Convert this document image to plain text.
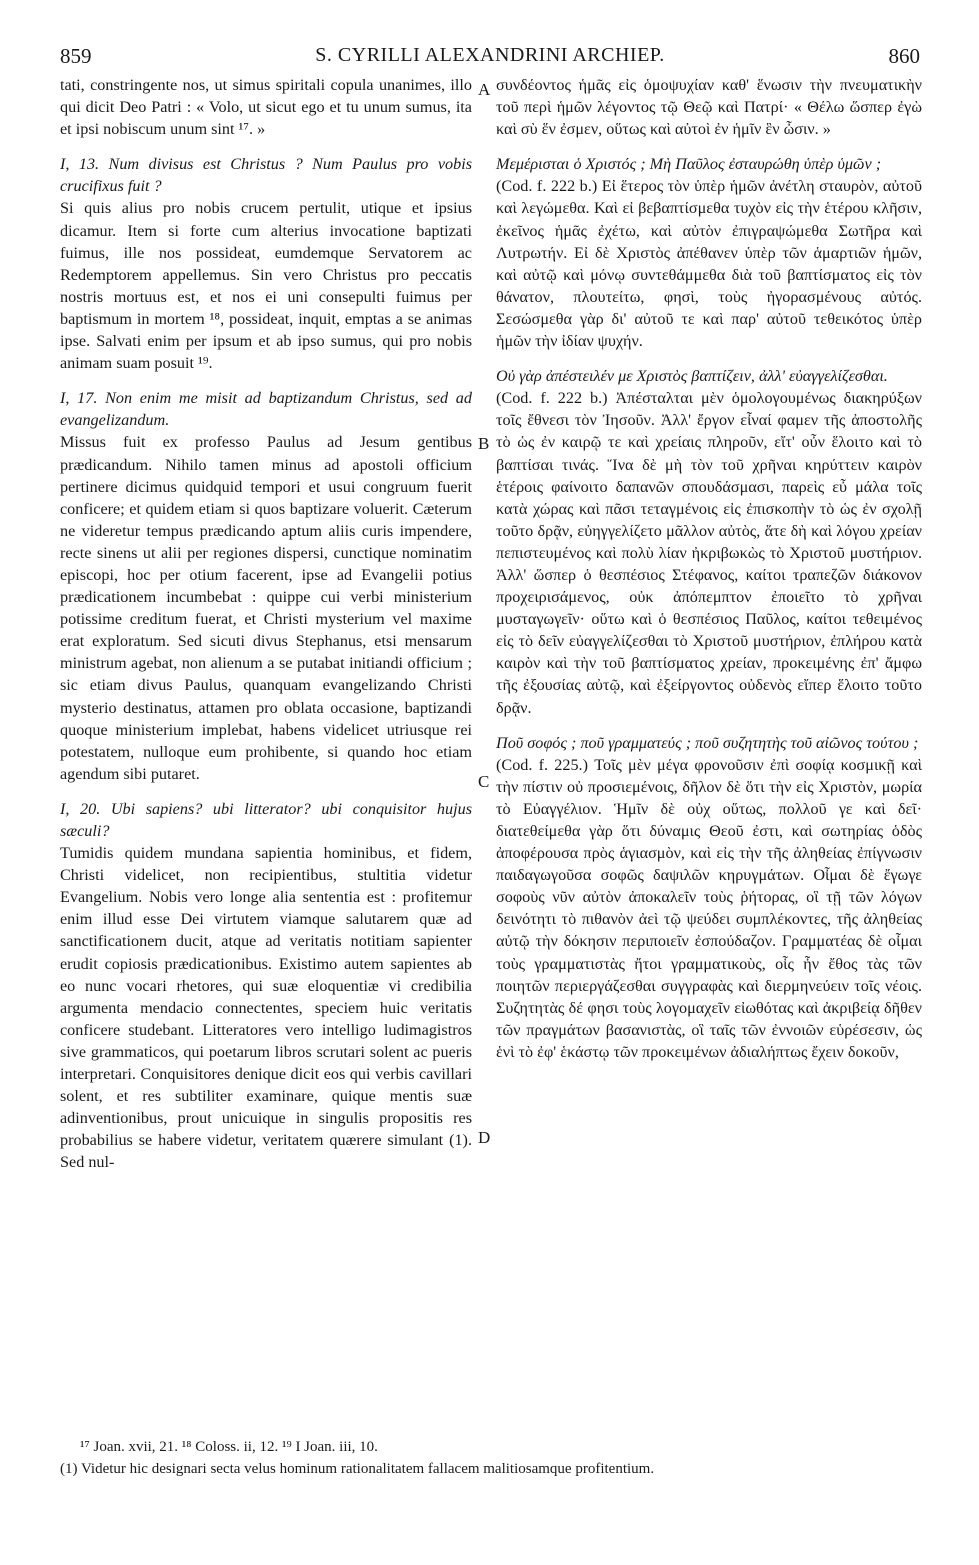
859	S. CYRILLI ALEXANDRINI ARCHIEP.	860
A
B
C
D

tati, constringente nos, ut simus spiritali copula unanimes, illo qui dicit Deo Patri : « Volo, ut sicut ego et tu unum sumus, ita et ipsi nobiscum unum sint ¹⁷. »

I, 13. Num divisus est Christus ? Num Paulus pro vobis crucifixus fuit ?

Si quis alius pro nobis crucem pertulit, utique et ipsius dicamur. Item si forte cum alterius invocatione baptizati fuimus, ille nos possideat, eumdemque Servatorem ac Redemptorem appellemus. Sin vero Christus pro peccatis nostris mortuus est, et nos ei uni consepulti fuimus per baptismum in mortem ¹⁸, possideat, inquit, emptas a se animas ipse. Salvati enim per ipsum et ab ipso sumus, qui pro nobis animam suam posuit ¹⁹.

I, 17. Non enim me misit ad baptizandum Christus, sed ad evangelizandum.

Missus fuit ex professo Paulus ad Jesum gentibus prædicandum. Nihilo tamen minus ad apostoli officium pertinere dicimus quidquid tempori et usui congruum fuerit conficere; et quidem etiam si quos baptizare voluerit. Cæterum ne videretur tempus prædicando aptum aliis curis impendere, recte sinens ut alii per regiones dispersi, cunctique nominatim episcopi, hoc per otium facerent, ipse ad Evangelii potius prædicationem incumbebat : quippe cui verbi ministerium potissime creditum fuerat, et Christi mysterium vel maxime erat exploratum. Sed sicuti divus Stephanus, etsi mensarum ministrum agebat, non alienum a se putabat initiandi officium ; sic etiam divus Paulus, quanquam evangelizando Christi mysterio destinatus, attamen pro oblata occasione, baptizandi quoque ministerium implebat, habens videlicet utriusque rei potestatem, nulloque eum prohibente, si quando hoc etiam agendum sibi putaret.

I, 20. Ubi sapiens? ubi litterator? ubi conquisitor hujus sæculi?

Tumidis quidem mundana sapientia hominibus, et fidem, Christi videlicet, non recipientibus, stultitia videtur Evangelium. Nobis vero longe alia sententia est : profitemur enim illud esse Dei virtutem viamque salutarem quæ ad sanctificationem ducit, atque ad veritatis notitiam sapienter erudit copiosis prædicationibus. Existimo autem sapientes ab eo nunc vocari rhetores, qui suæ eloquentiæ vi credibilia argumenta mendacio connectentes, speciem huic veritatis conficere studebant. Litteratores vero intelligo ludimagistros sive grammaticos, qui poetarum libros scrutari solent ac pueris interpretari. Conquisitores denique dicit eos qui verbis cavillari solent, et res subtiliter examinare, quique mentis suæ adinventionibus, prout unicuique in singulis propositis res probabilius se habere videtur, veritatem quærere simulant (1). Sed nul-

συνδέοντος ἡμᾶς εἰς ὁμοψυχίαν καθ' ἕνωσιν τὴν πνευματικὴν τοῦ περὶ ἡμῶν λέγοντος τῷ Θεῷ καὶ Πατρί· « Θέλω ὥσπερ ἐγὼ καὶ σὺ ἕν ἐσμεν, οὕτως καὶ αὐτοὶ ἐν ἡμῖν ἓν ὦσιν. »

Μεμέρισται ὁ Χριστός ; Μὴ Παῦλος ἐσταυρώθη ὑπὲρ ὑμῶν ;

(Cod. f. 222 b.) Εἰ ἕτερος τὸν ὑπὲρ ἡμῶν ἀνέτλη σταυρὸν, αὐτοῦ καὶ λεγώμεθα. Καὶ εἰ βεβαπτίσμεθα τυχὸν εἰς τὴν ἑτέρου κλῆσιν, ἐκεῖνος ἡμᾶς ἐχέτω, καὶ αὐτὸν ἐπιγραψώμεθα Σωτῆρα καὶ Λυτρωτήν. Εἰ δὲ Χριστὸς ἀπέθανεν ὑπὲρ τῶν ἁμαρτιῶν ἡμῶν, καὶ αὐτῷ καὶ μόνῳ συντεθάμμεθα διὰ τοῦ βαπτίσματος εἰς τὸν θάνατον, πλουτείτω, φησὶ, τοὺς ἠγορασμένους αὐτός. Σεσώσμεθα γὰρ δι' αὐτοῦ τε καὶ παρ' αὐτοῦ τεθεικότος ὑπὲρ ἡμῶν τὴν ἰδίαν ψυχήν.

Οὐ γὰρ ἀπέστειλέν με Χριστὸς βαπτίζειν, ἀλλ' εὐαγγελίζεσθαι.

(Cod. f. 222 b.) Ἀπέσταλται μὲν ὁμολογουμένως διακηρύξων τοῖς ἔθνεσι τὸν Ἰησοῦν. Ἀλλ' ἔργον εἶναί φαμεν τῆς ἀποστολῆς τὸ ὡς ἐν καιρῷ τε καὶ χρείαις πληροῦν, εἴτ' οὖν ἕλοιτο καὶ τὸ βαπτίσαι τινάς. Ἵνα δὲ μὴ τὸν τοῦ χρῆναι κηρύττειν καιρὸν ἑτέροις φαίνοιτο δαπανῶν σπουδάσμασι, παρεὶς εὖ μάλα τοῖς κατὰ χώρας καὶ πᾶσι τεταγμένοις εἰς ἐπισκοπὴν τὸ ὡς ἐν σχολῇ τοῦτο δρᾷν, εὐηγγελίζετο μᾶλλον αὐτὸς, ἅτε δὴ καὶ λόγου χρείαν πεπιστευμένος καὶ πολὺ λίαν ἠκριβωκὼς τὸ Χριστοῦ μυστήριον. Ἀλλ' ὥσπερ ὁ θεσπέσιος Στέφανος, καίτοι τραπεζῶν διάκονον προχειρισάμενος, οὐκ ἀπόπεμπτον ἐποιεῖτο τὸ χρῆναι μυσταγωγεῖν· οὕτω καὶ ὁ θεσπέσιος Παῦλος, καίτοι τεθειμένος εἰς τὸ δεῖν εὐαγγελίζεσθαι τὸ Χριστοῦ μυστήριον, ἐπλήρου κατὰ καιρὸν καὶ τὴν τοῦ βαπτίσματος χρείαν, προκειμένης ἐπ' ἄμφω τῆς ἐξουσίας αὐτῷ, καὶ ἐξείργοντος οὐδενὸς εἴπερ ἕλοιτο τοῦτο δρᾷν.

Ποῦ σοφός ; ποῦ γραμματεύς ; ποῦ συζητητὴς τοῦ αἰῶνος τούτου ;

(Cod. f. 225.) Τοῖς μὲν μέγα φρονοῦσιν ἐπὶ σοφίᾳ κοσμικῇ καὶ τὴν πίστιν οὐ προσιεμένοις, δῆλον δὲ ὅτι τὴν εἰς Χριστὸν, μωρία τὸ Εὐαγγέλιον. Ἡμῖν δὲ οὐχ οὕτως, πολλοῦ γε καὶ δεῖ· διατεθείμεθα γὰρ ὅτι δύναμις Θεοῦ ἐστι, καὶ σωτηρίας ὁδὸς ἀποφέρουσα πρὸς ἁγιασμὸν, καὶ εἰς τὴν τῆς ἀληθείας ἐπίγνωσιν παιδαγωγοῦσα σοφῶς δαψιλῶν κηρυγμάτων. Οἶμαι δὲ ἔγωγε σοφοὺς νῦν αὐτὸν ἀποκαλεῖν τοὺς ῥήτορας, οἳ τῇ τῶν λόγων δεινότητι τὸ πιθανὸν ἀεὶ τῷ ψεύδει συμπλέκοντες, τῆς ἀληθείας αὐτῷ τὴν δόκησιν περιποιεῖν ἐσπούδαζον. Γραμματέας δὲ οἶμαι τοὺς γραμματιστὰς ἤτοι γραμματικοὺς, οἷς ἦν ἔθος τὰς τῶν ποιητῶν περιεργάζεσθαι συγγραφὰς καὶ διερμηνεύειν τοῖς νέοις. Συζητητὰς δέ φησι τοὺς λογομαχεῖν εἰωθότας καὶ ἀκριβείᾳ δῆθεν τῶν πραγμάτων βασανιστὰς, οἳ ταῖς τῶν ἐννοιῶν εὑρέσεσιν, ὡς ἑνὶ τὸ ἐφ' ἑκάστῳ τῶν προκειμένων ἀδιαλήπτως ἔχειν δοκοῦν,

¹⁷ Joan. xvii, 21. ¹⁸ Coloss. ii, 12. ¹⁹ I Joan. iii, 10.

(1) Videtur hic designari secta velus hominum rationalitatem fallacem malitiosamque profitentium.
